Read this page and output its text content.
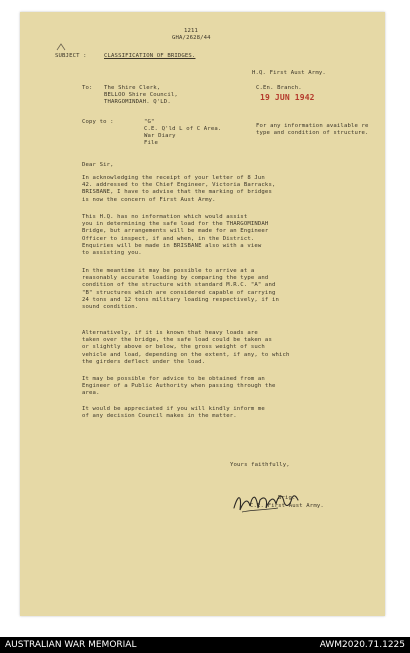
1211
GHA/2628/44
SUBJECT :	CLASSIFICATION OF BRIDGES.
H.Q. First Aust Army.
To: The Shire Clerk,
BELLOO Shire Council,
THARGOMINDAH. Q'LD.
C.En. Branch.
19 JUN 1942
Copy to :	"G"
C.E. Q'ld L of C Area.
War Diary
File
For any information available re
type and condition of structure.
Dear Sir,
In acknowledging the receipt of your letter of 8 Jun
42. addressed to the Chief Engineer, Victoria Barracks,
BRISBANE, I have to advise that the marking of bridges
is now the concern of First Aust Army.
This H.Q. has no information which would assist
you in determining the safe load for the THARGOMINDAH
Bridge, but arrangements will be made for an Engineer
Officer to inspect, if and when, in the District.
Enquiries will be made in BRISBANE also with a view
to assisting you.
In the meantime it may be possible to arrive at a
reasonably accurate loading by comparing the type and
condition of the structure with standard M.R.C. "A" and
"B" structures which are considered capable of carrying
24 tons and 12 tons military loading respectively, if in
sound condition.
Alternatively, if it is known that heavy loads are
taken over the bridge, the safe load could be taken as
or slightly above or below, the gross weight of such
vehicle and load, depending on the extent, if any, to which
the girders deflect under the load.
It may be possible for advice to be obtained from an
Engineer of a Public Authority when passing through the
area.
It would be appreciated if you will kindly inform me
of any decision Council makes in the matter.
Yours faithfully,
Brig.
C.E. First Aust Army.
AUSTRALIAN WAR MEMORIAL	AWM2020.71.1225
